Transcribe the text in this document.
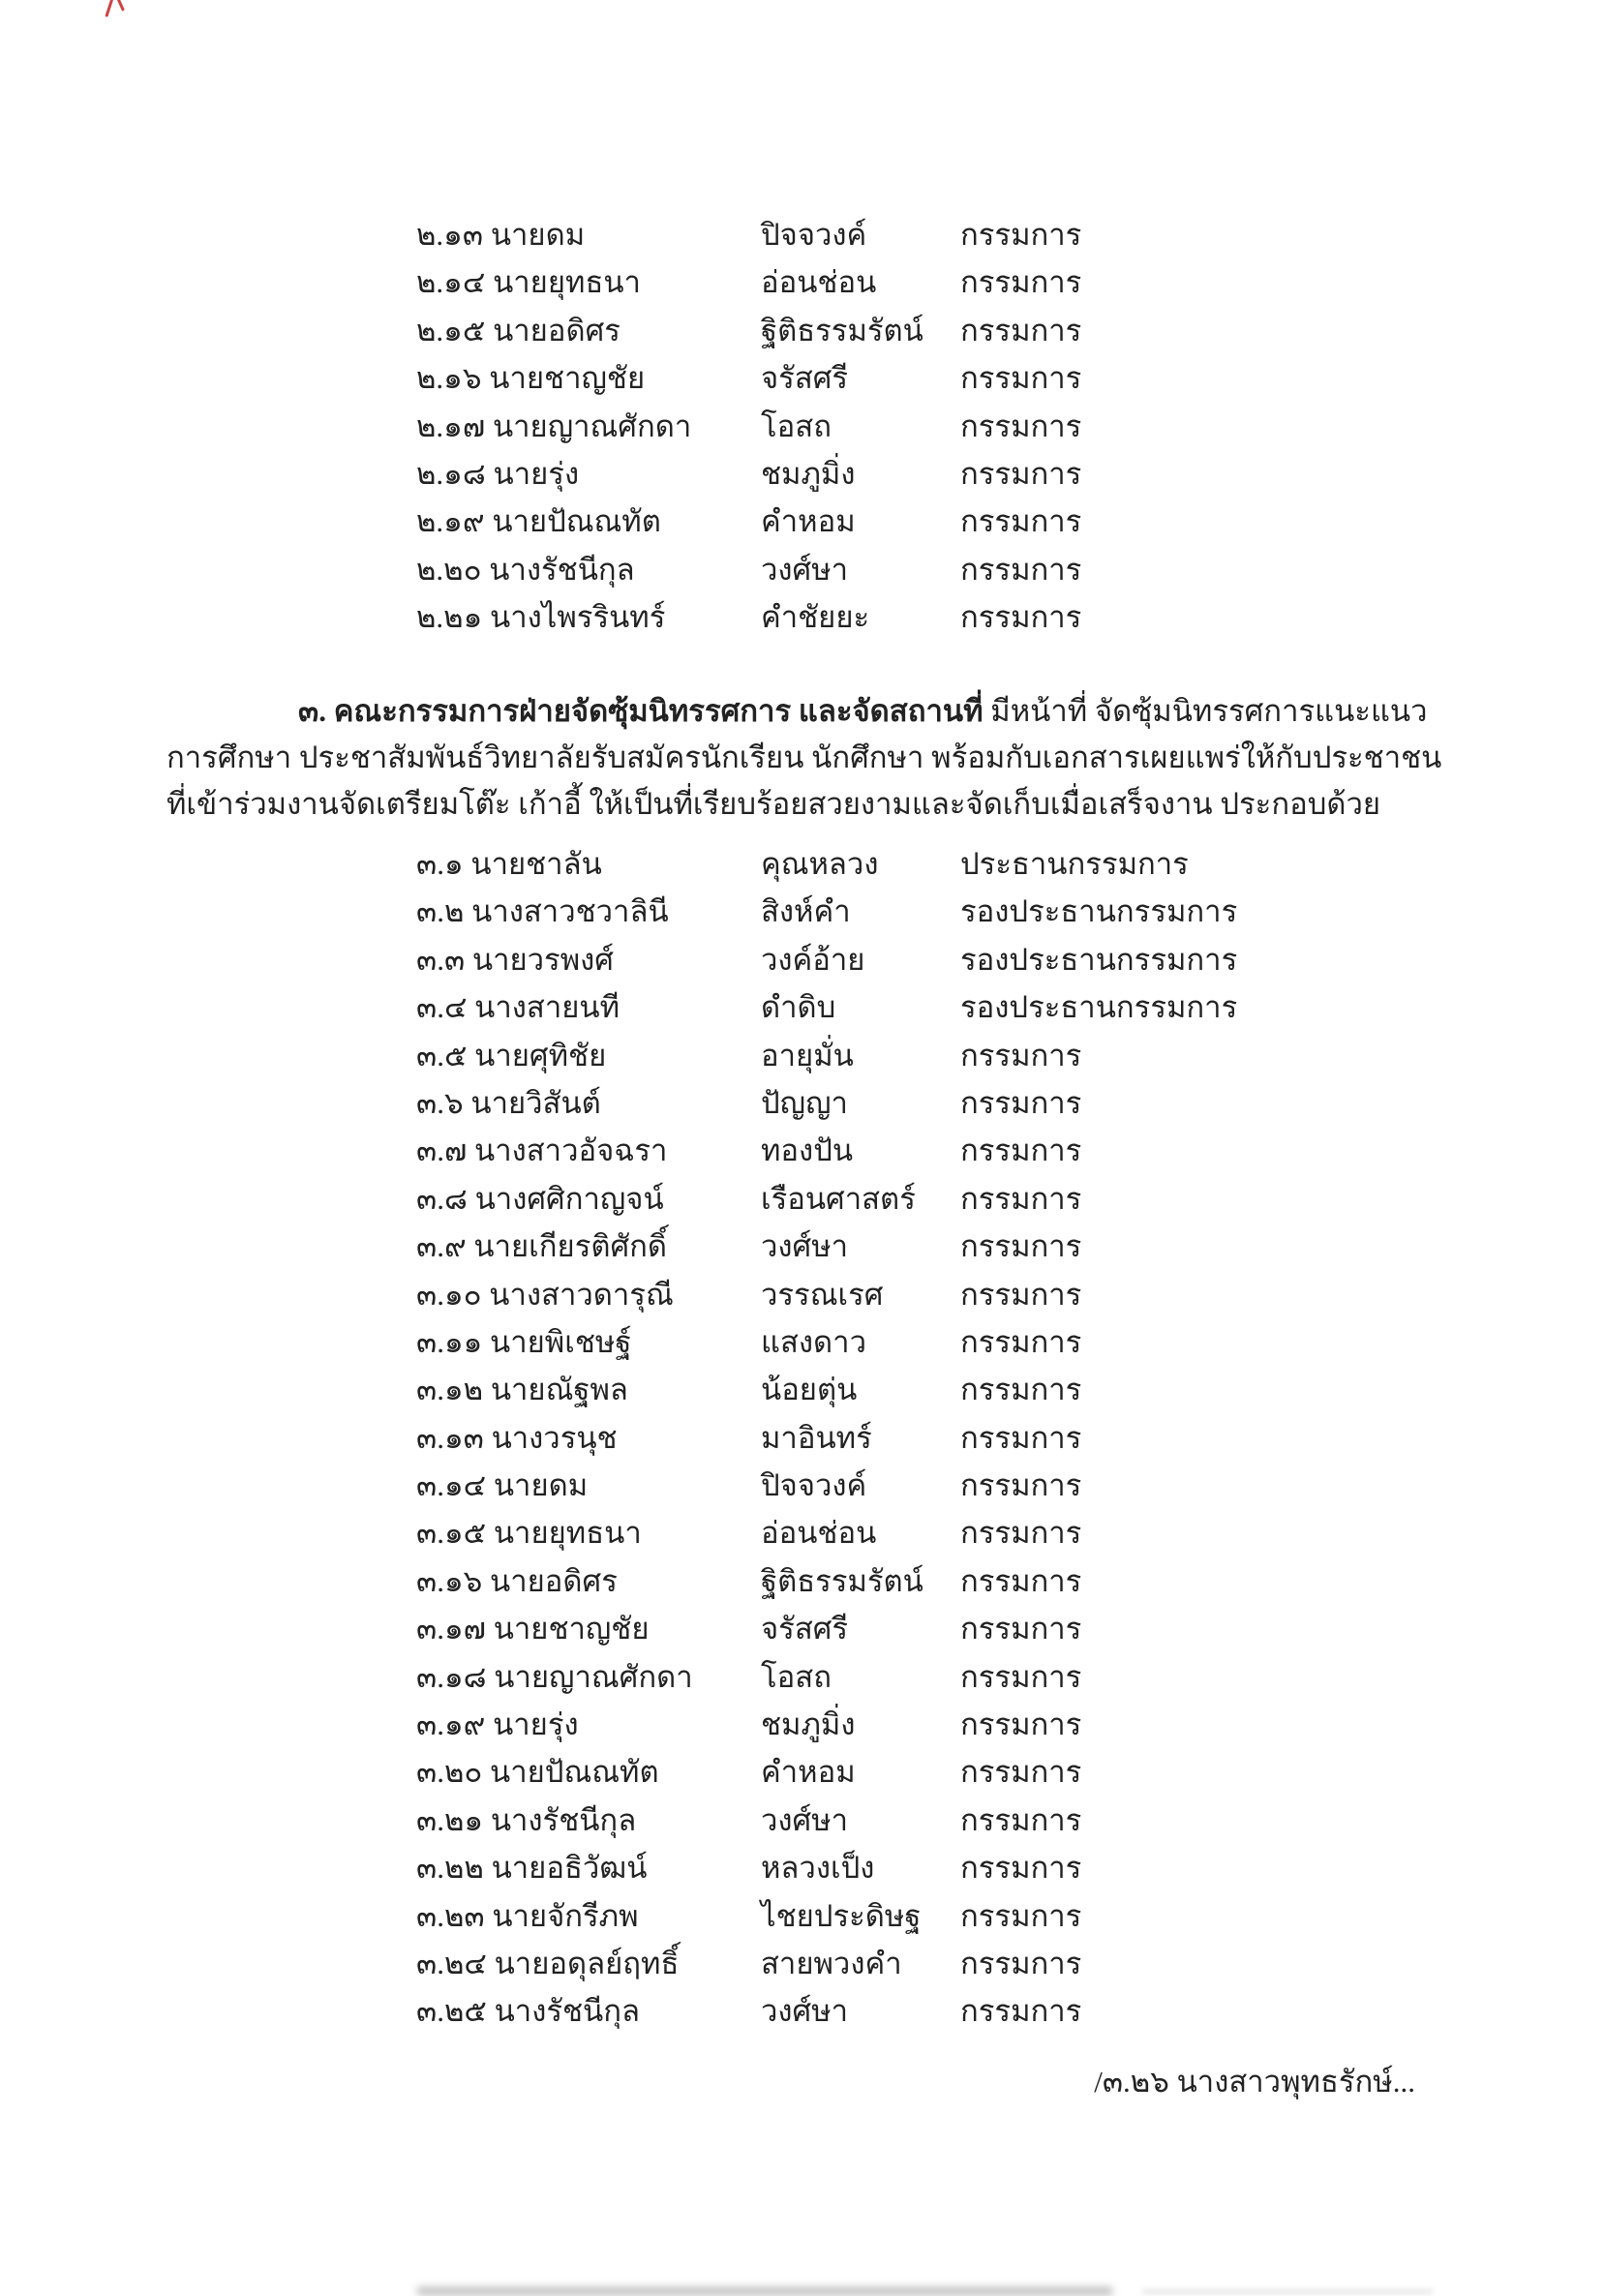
๒.๑๓ นายดม	ปิจจวงค์	กรรมการ
๒.๑๔ นายยุทธนา	อ่อนช่อน	กรรมการ
๒.๑๕ นายอดิศร	ฐิติธรรมรัตน์	กรรมการ
๒.๑๖ นายชาญชัย	จรัสศรี	กรรมการ
๒.๑๗ นายญาณศักดา	โอสถ	กรรมการ
๒.๑๘ นายรุ่ง	ชมภูมิ่ง	กรรมการ
๒.๑๙ นายปัณณทัต	คำหอม	กรรมการ
๒.๒๐ นางรัชนีกุล	วงศ์ษา	กรรมการ
๒.๒๑ นางไพรรินทร์	คำชัยยะ	กรรมการ
๓. คณะกรรมการฝ่ายจัดซุ้มนิทรรศการ และจัดสถานที่ มีหน้าที่ จัดซุ้มนิทรรศการแนะแนว
การศึกษา ประชาสัมพันธ์วิทยาลัยรับสมัครนักเรียน นักศึกษา พร้อมกับเอกสารเผยแพร่ให้กับประชาชน
ที่เข้าร่วมงานจัดเตรียมโต๊ะ เก้าอี้ ให้เป็นที่เรียบร้อยสวยงามและจัดเก็บเมื่อเสร็จงาน ประกอบด้วย
๓.๑ นายชาลัน	คุณหลวง	ประธานกรรมการ
๓.๒ นางสาวชวาลินี	สิงห์คำ	รองประธานกรรมการ
๓.๓ นายวรพงศ์	วงค์อ้าย	รองประธานกรรมการ
๓.๔ นางสายนที	ดำดิบ	รองประธานกรรมการ
๓.๕ นายศุทิชัย	อายุมั่น	กรรมการ
๓.๖ นายวิสันต์	ปัญญา	กรรมการ
๓.๗ นางสาวอัจฉรา	ทองปัน	กรรมการ
๓.๘ นางศศิกาญจน์	เรือนศาสตร์	กรรมการ
๓.๙ นายเกียรติศักดิ์	วงศ์ษา	กรรมการ
๓.๑๐ นางสาวดารุณี	วรรณเรศ	กรรมการ
๓.๑๑ นายพิเชษฐ์	แสงดาว	กรรมการ
๓.๑๒ นายณัฐพล	น้อยตุ่น	กรรมการ
๓.๑๓ นางวรนุช	มาอินทร์	กรรมการ
๓.๑๔ นายดม	ปิจจวงค์	กรรมการ
๓.๑๕ นายยุทธนา	อ่อนช่อน	กรรมการ
๓.๑๖ นายอดิศร	ฐิติธรรมรัตน์	กรรมการ
๓.๑๗ นายชาญชัย	จรัสศรี	กรรมการ
๓.๑๘ นายญาณศักดา	โอสถ	กรรมการ
๓.๑๙ นายรุ่ง	ชมภูมิ่ง	กรรมการ
๓.๒๐ นายปัณณทัต	คำหอม	กรรมการ
๓.๒๑ นางรัชนีกุล	วงศ์ษา	กรรมการ
๓.๒๒ นายอธิวัฒน์	หลวงเป็ง	กรรมการ
๓.๒๓ นายจักรีภพ	ไชยประดิษฐ	กรรมการ
๓.๒๔ นายอดุลย์ฤทธิ์	สายพวงคำ	กรรมการ
๓.๒๕ นางรัชนีกุล	วงศ์ษา	กรรมการ
/๓.๒๖ นางสาวพุทธรักษ์...
